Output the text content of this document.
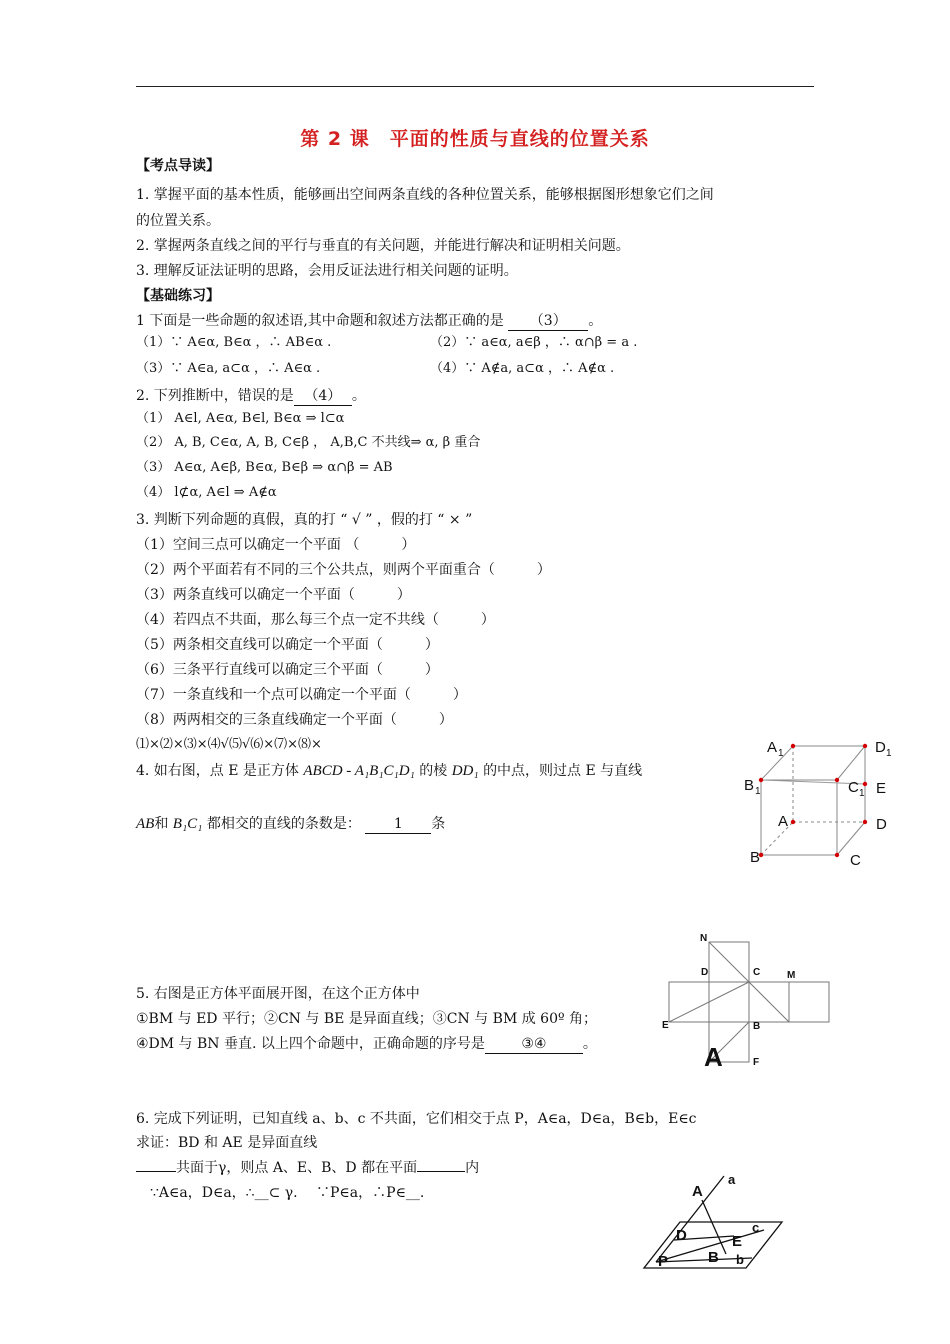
第 2 课　平面的性质与直线的位置关系
【考点导读】
1. 掌握平面的基本性质，能够画出空间两条直线的各种位置关系，能够根据图形想象它们之间
的位置关系。
2. 掌握两条直线之间的平行与垂直的有关问题，并能进行解决和证明相关问题。
3. 理解反证法证明的思路，会用反证法进行相关问题的证明。
【基础练习】
1 下面是一些命题的叙述语,其中命题和叙述方法都正确的是 （3） 。
（1）∵ A∈α, B∈α ，∴ AB∈α .	（2）∵ a∈α, a∈β ，∴ α∩β = a .
（3）∵ A∈a, a⊂α ，∴ A∈α .	（4）∵ A∉a, a⊂α ，∴ A∉α .
2. 下列推断中，错误的是 （4） 。
（1） A∈l, A∈α, B∈l, B∈α ⇒ l⊂α
（2） A, B, C∈α, A, B, C∈β ， A,B,C 不共线⇒ α, β 重合
（3） A∈α, A∈β, B∈α, B∈β ⇒ α∩β = AB
（4） l⊄α, A∈l ⇒ A∉α
3. 判断下列命题的真假，真的打 “ √ ” ，假的打 “ × ”
（1）空间三点可以确定一个平面 （　　　）
（2）两个平面若有不同的三个公共点，则两个平面重合（　　　）
（3）两条直线可以确定一个平面（　　　）
（4）若四点不共面，那么每三个点一定不共线（　　　）
（5）两条相交直线可以确定一个平面（　　　）
（6）三条平行直线可以确定三个平面（　　　）
（7）一条直线和一个点可以确定一个平面（　　　）
（8）两两相交的三条直线确定一个平面（　　　）
⑴×⑵×⑶×⑷√⑸√⑹×⑺×⑻×
4. 如右图，点 E 是正方体 ABCD - A₁B₁C₁D₁ 的棱 DD₁ 的中点，则过点 E 与直线
AB和 B₁C₁ 都相交的直线的条数是： 1 条
A 1	D 1
B 1	C 1 E
A	D
B	C
5. 右图是正方体平面展开图，在这个正方体中
①BM 与 ED 平行；②CN 与 BE 是异面直线；③CN 与 BM 成 60º 角；
④DM 与 BN 垂直. 以上四个命题中，正确命题的序号是	③④	。
N
D	C	M
E	B
F
A
6. 完成下列证明，已知直线 a、b、c 不共面，它们相交于点 P，A∈a，D∈a，B∈b，E∈c
求证：BD 和 AE 是异面直线
共面于γ，则点 A、E、B、D 都在平面	内
∵A∈a，D∈a，∴__⊂ γ.　 ∵P∈a，∴P∈__.	A
a
c
D	E
P	B b
